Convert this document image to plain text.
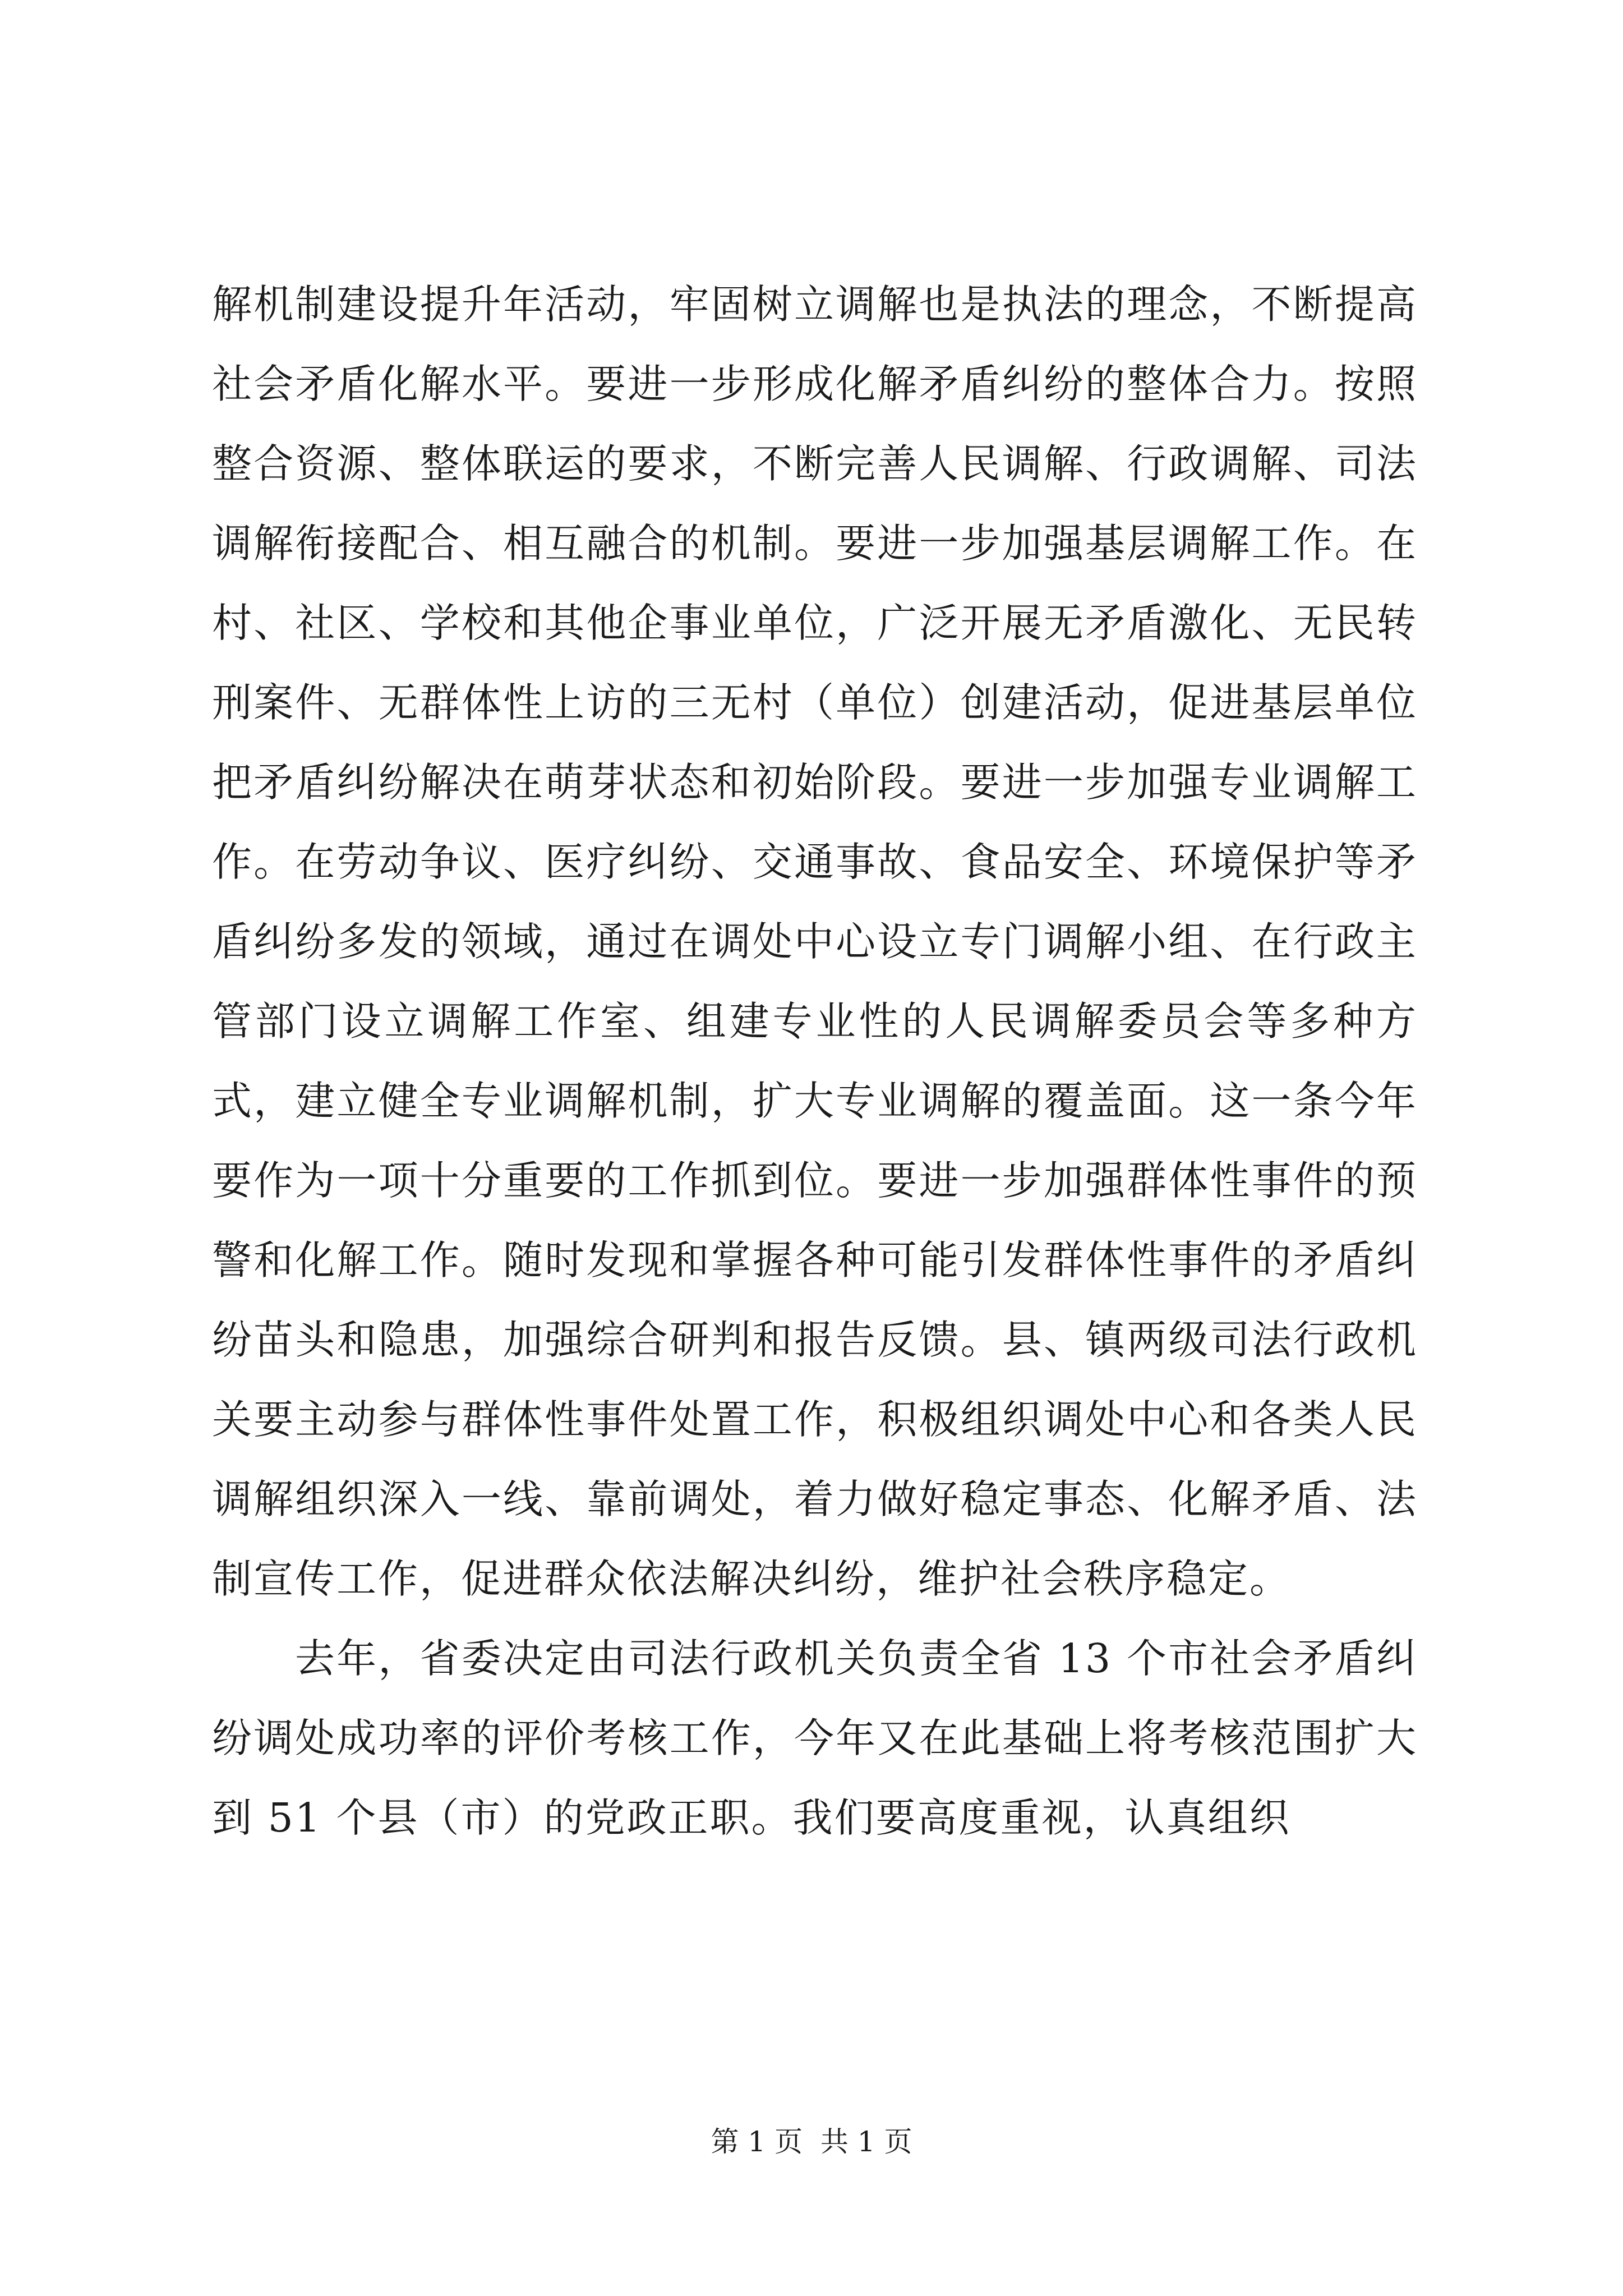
解机制建设提升年活动，牢固树立调解也是执法的理念，不断提高社会矛盾化解水平。要进一步形成化解矛盾纠纷的整体合力。按照整合资源、整体联运的要求，不断完善人民调解、行政调解、司法调解衔接配合、相互融合的机制。要进一步加强基层调解工作。在村、社区、学校和其他企事业单位，广泛开展无矛盾激化、无民转刑案件、无群体性上访的三无村（单位）创建活动，促进基层单位把矛盾纠纷解决在萌芽状态和初始阶段。要进一步加强专业调解工作。在劳动争议、医疗纠纷、交通事故、食品安全、环境保护等矛盾纠纷多发的领域，通过在调处中心设立专门调解小组、在行政主管部门设立调解工作室、组建专业性的人民调解委员会等多种方式，建立健全专业调解机制，扩大专业调解的覆盖面。这一条今年要作为一项十分重要的工作抓到位。要进一步加强群体性事件的预警和化解工作。随时发现和掌握各种可能引发群体性事件的矛盾纠纷苗头和隐患，加强综合研判和报告反馈。县、镇两级司法行政机关要主动参与群体性事件处置工作，积极组织调处中心和各类人民调解组织深入一线、靠前调处，着力做好稳定事态、化解矛盾、法制宣传工作，促进群众依法解决纠纷，维护社会秩序稳定。

去年，省委决定由司法行政机关负责全省 13 个市社会矛盾纠纷调处成功率的评价考核工作，今年又在此基础上将考核范围扩大到 51 个县（市）的党政正职。我们要高度重视，认真组织

第 1 页  共 1 页
